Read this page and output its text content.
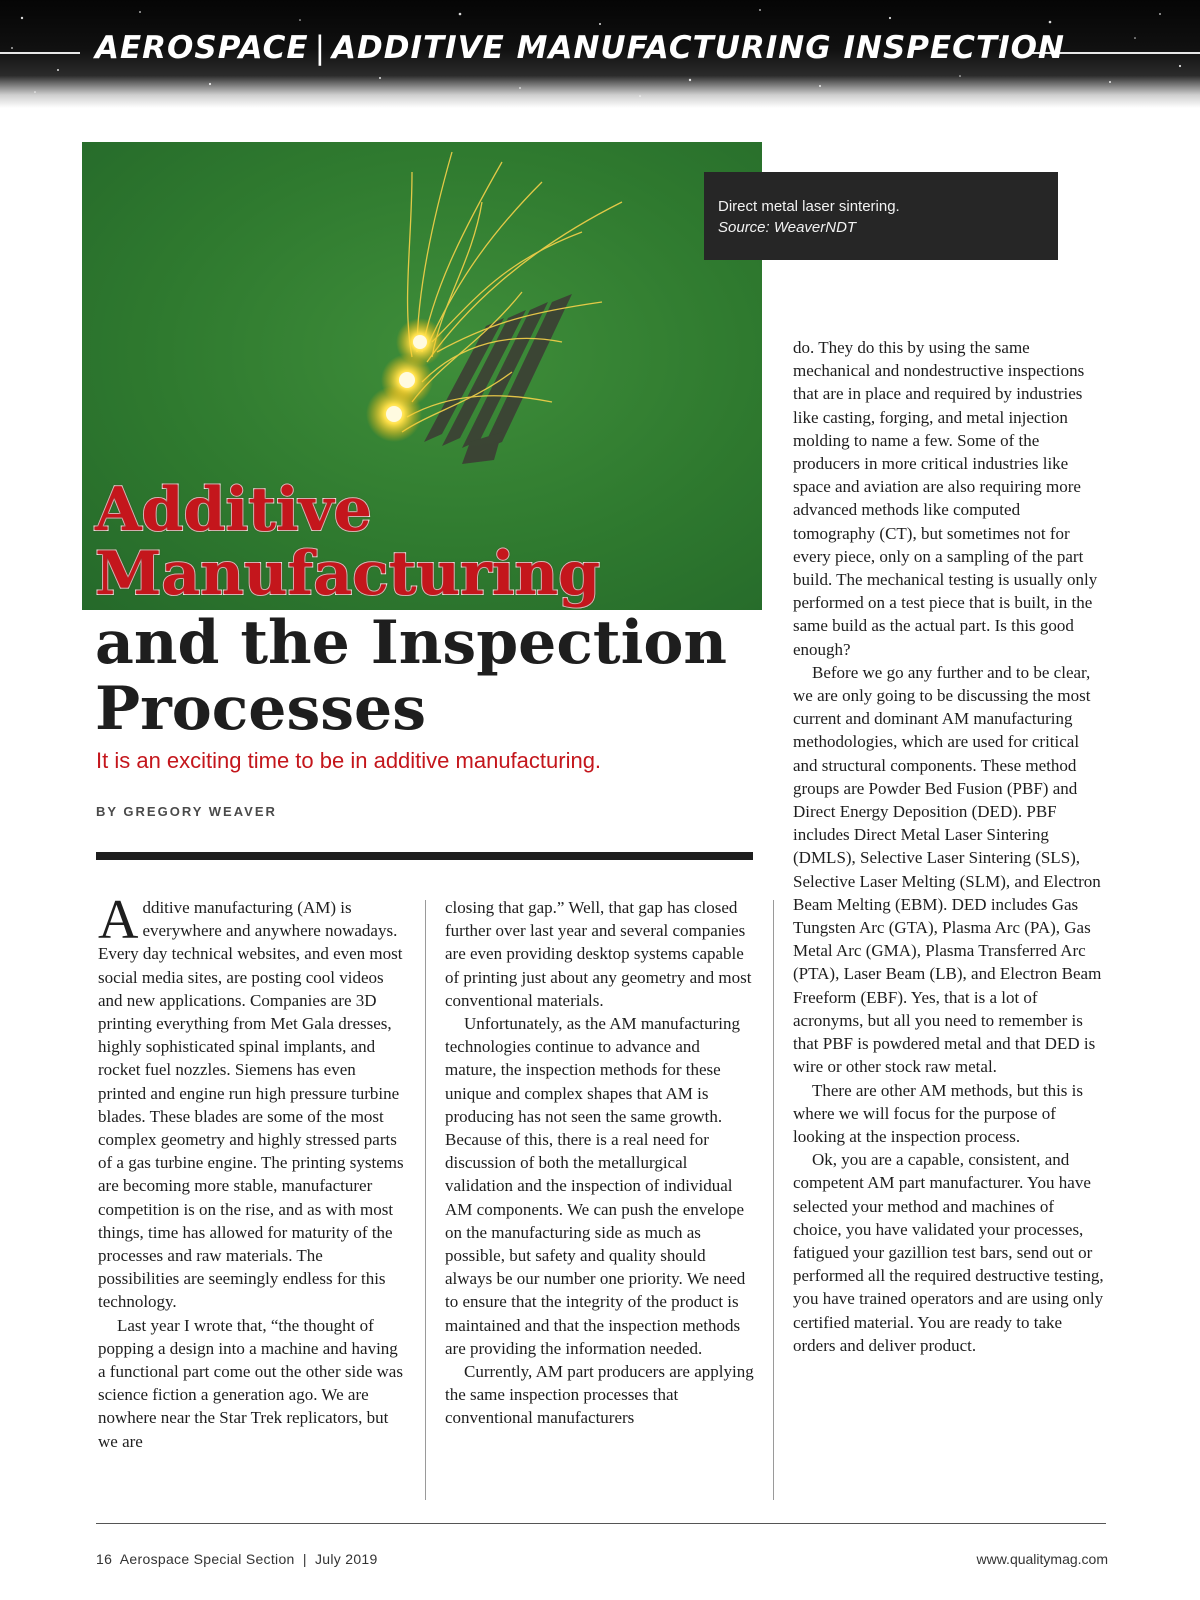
AEROSPACE | ADDITIVE MANUFACTURING INSPECTION
Direct metal laser sintering.
Source: WeaverNDT
Additive
Manufacturing
and the Inspection
Processes
It is an exciting time to be in additive manufacturing.
BY GREGORY WEAVER

Additive manufacturing (AM) is everywhere and anywhere nowadays. Every day technical websites, and even most social media sites, are posting cool videos and new applications. Companies are 3D printing everything from Met Gala dresses, highly sophisticated spinal implants, and rocket fuel nozzles. Siemens has even printed and engine run high pressure turbine blades. These blades are some of the most complex geometry and highly stressed parts of a gas turbine engine. The printing systems are becoming more stable, manufacturer competition is on the rise, and as with most things, time has allowed for maturity of the processes and raw materials. The possibilities are seemingly endless for this technology.

Last year I wrote that, “the thought of popping a design into a machine and having a functional part come out the other side was science fiction a generation ago. We are nowhere near the Star Trek replicators, but we are

closing that gap.” Well, that gap has closed further over last year and several companies are even providing desktop systems capable of printing just about any geometry and most conventional materials.

Unfortunately, as the AM manufacturing technologies continue to advance and mature, the inspection methods for these unique and complex shapes that AM is producing has not seen the same growth. Because of this, there is a real need for discussion of both the metallurgical validation and the inspection of individual AM components. We can push the envelope on the manufacturing side as much as possible, but safety and quality should always be our number one priority. We need to ensure that the integrity of the product is maintained and that the inspection methods are providing the information needed.

Currently, AM part producers are applying the same inspection processes that conventional manufacturers

do. They do this by using the same mechanical and nondestructive inspections that are in place and required by industries like casting, forging, and metal injection molding to name a few. Some of the producers in more critical industries like space and aviation are also requiring more advanced methods like computed tomography (CT), but sometimes not for every piece, only on a sampling of the part build. The mechanical testing is usually only performed on a test piece that is built, in the same build as the actual part. Is this good enough?

Before we go any further and to be clear, we are only going to be discussing the most current and dominant AM manufacturing methodologies, which are used for critical and structural components. These method groups are Powder Bed Fusion (PBF) and Direct Energy Deposition (DED). PBF includes Direct Metal Laser Sintering (DMLS), Selective Laser Sintering (SLS), Selective Laser Melting (SLM), and Electron Beam Melting (EBM). DED includes Gas Tungsten Arc (GTA), Plasma Arc (PA), Gas Metal Arc (GMA), Plasma Transferred Arc (PTA), Laser Beam (LB), and Electron Beam Freeform (EBF). Yes, that is a lot of acronyms, but all you need to remember is that PBF is powdered metal and that DED is wire or other stock raw metal.

There are other AM methods, but this is where we will focus for the purpose of looking at the inspection process.

Ok, you are a capable, consistent, and competent AM part manufacturer. You have selected your method and machines of choice, you have validated your processes, fatigued your gazillion test bars, send out or performed all the required destructive testing, you have trained operators and are using only certified material. You are ready to take orders and deliver product.

16 Aerospace Special Section | July 2019	www.qualitymag.com
